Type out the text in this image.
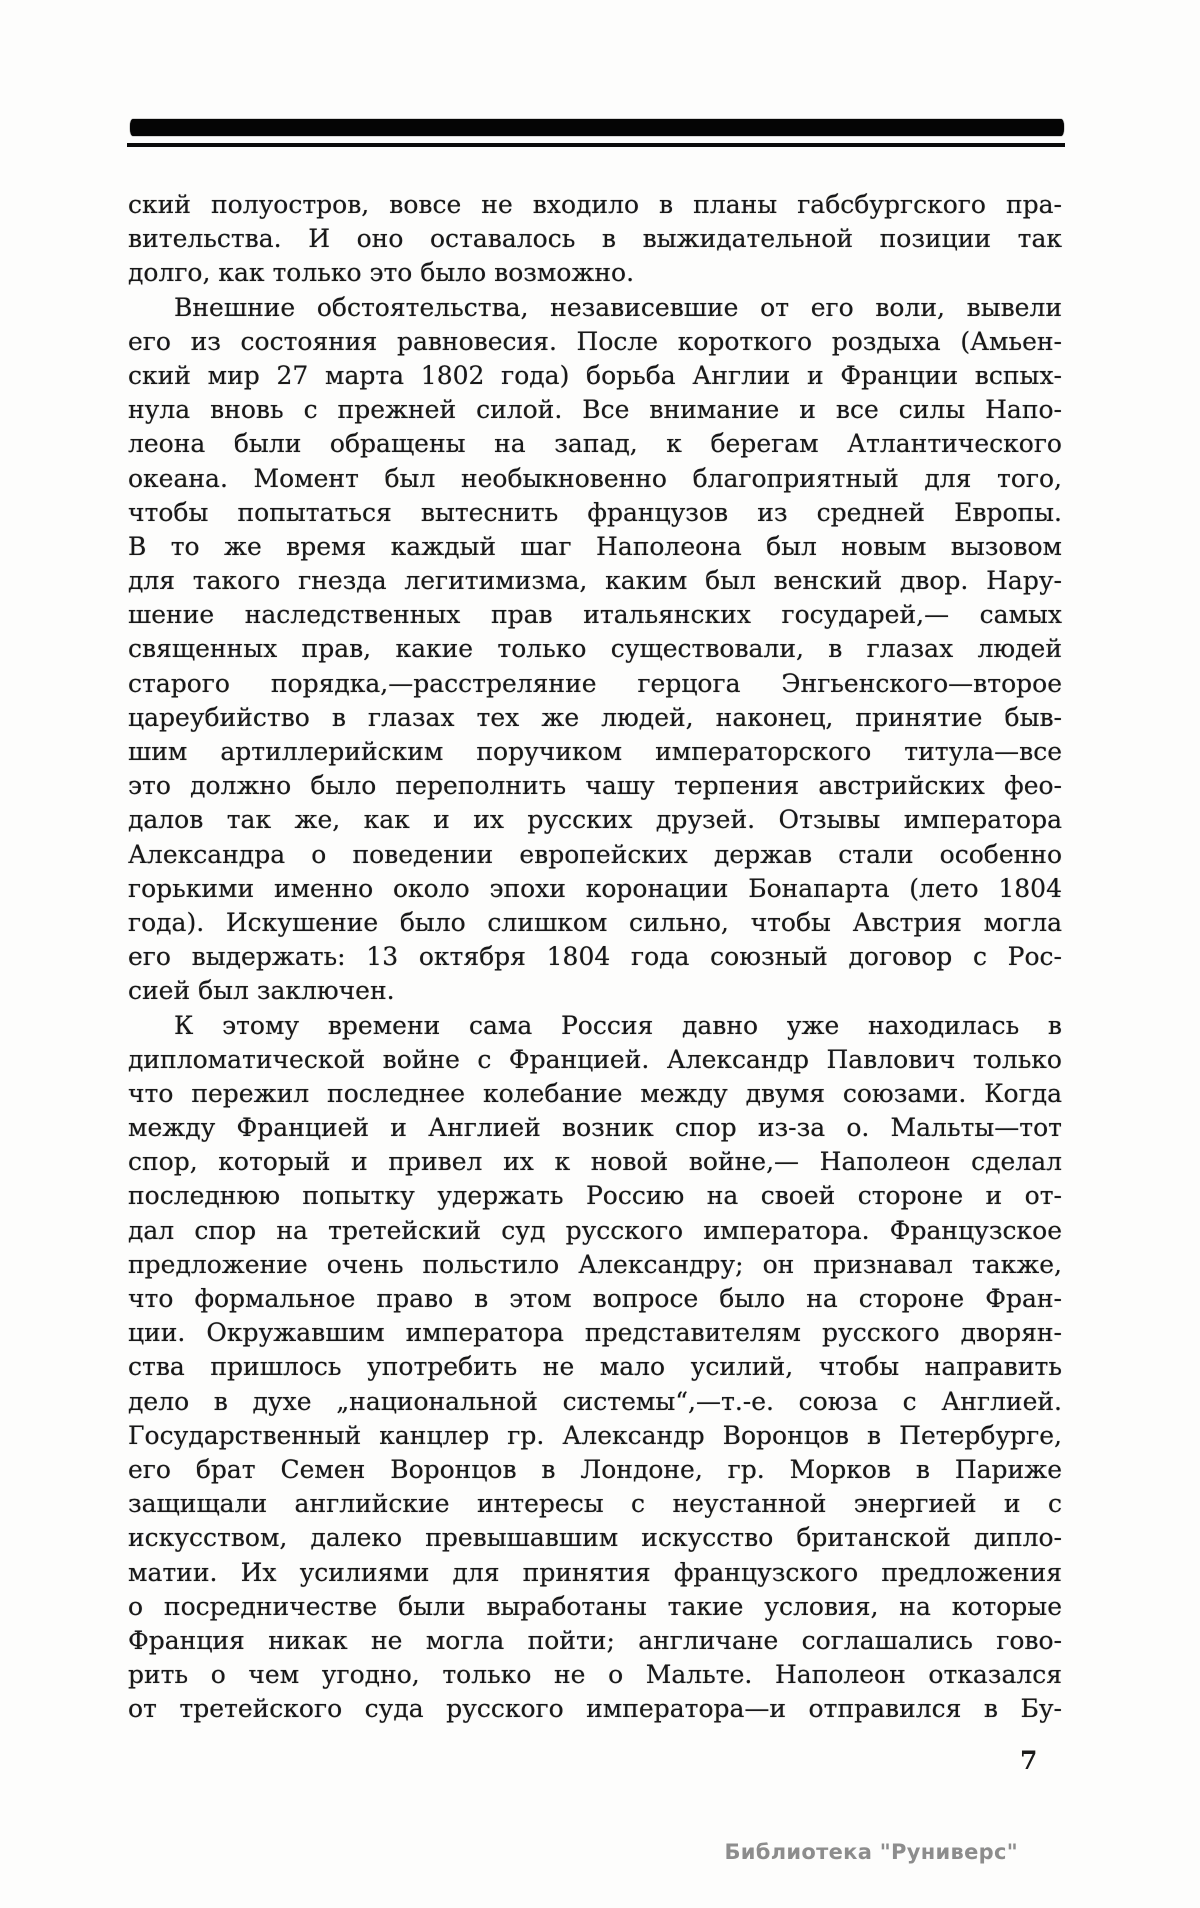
ский полуостров, вовсе не входило в планы габсбургского пра-
вительства. И оно оставалось в выжидательной позиции так
долго, как только это было возможно.
Внешние обстоятельства, независевшие от его воли, вывели
его из состояния равновесия. После короткого роздыха (Амьен-
ский мир 27 марта 1802 года) борьба Англии и Франции вспых-
нула вновь с прежней силой. Все внимание и все силы Напо-
леона были обращены на запад, к берегам Атлантического
океана. Момент был необыкновенно благоприятный для того,
чтобы попытаться вытеснить французов из средней Европы.
В то же время каждый шаг Наполеона был новым вызовом
для такого гнезда легитимизма, каким был венский двор. Нару-
шение наследственных прав итальянских государей,— самых
священных прав, какие только существовали, в глазах людей
старого порядка,—расстреляние герцога Энгьенского—второе
цареубийство в глазах тех же людей, наконец, принятие быв-
шим артиллерийским поручиком императорского титула—все
это должно было переполнить чашу терпения австрийских фео-
далов так же, как и их русских друзей. Отзывы императора
Александра о поведении европейских держав стали особенно
горькими именно около эпохи коронации Бонапарта (лето 1804
года). Искушение было слишком сильно, чтобы Австрия могла
его выдержать: 13 октября 1804 года союзный договор с Рос-
сией был заключен.
К этому времени сама Россия давно уже находилась в
дипломатической войне с Францией. Александр Павлович только
что пережил последнее колебание между двумя союзами. Когда
между Францией и Англией возник спор из-за о. Мальты—тот
спор, который и привел их к новой войне,— Наполеон сделал
последнюю попытку удержать Россию на своей стороне и от-
дал спор на третейский суд русского императора. Французское
предложение очень польстило Александру; он признавал также,
что формальное право в этом вопросе было на стороне Фран-
ции. Окружавшим императора представителям русского дворян-
ства пришлось употребить не мало усилий, чтобы направить
дело в духе „национальной системы“,—т.-е. союза с Англией.
Государственный канцлер гр. Александр Воронцов в Петербурге,
его брат Семен Воронцов в Лондоне, гр. Морков в Париже
защищали английские интересы с неустанной энергией и с
искусством, далеко превышавшим искусство британской дипло-
матии. Их усилиями для принятия французского предложения
о посредничестве были выработаны такие условия, на которые
Франция никак не могла пойти; англичане соглашались гово-
рить о чем угодно, только не о Мальте. Наполеон отказался
от третейского суда русского императора—и отправился в Бу-
7
Библиотека "Руниверс"
